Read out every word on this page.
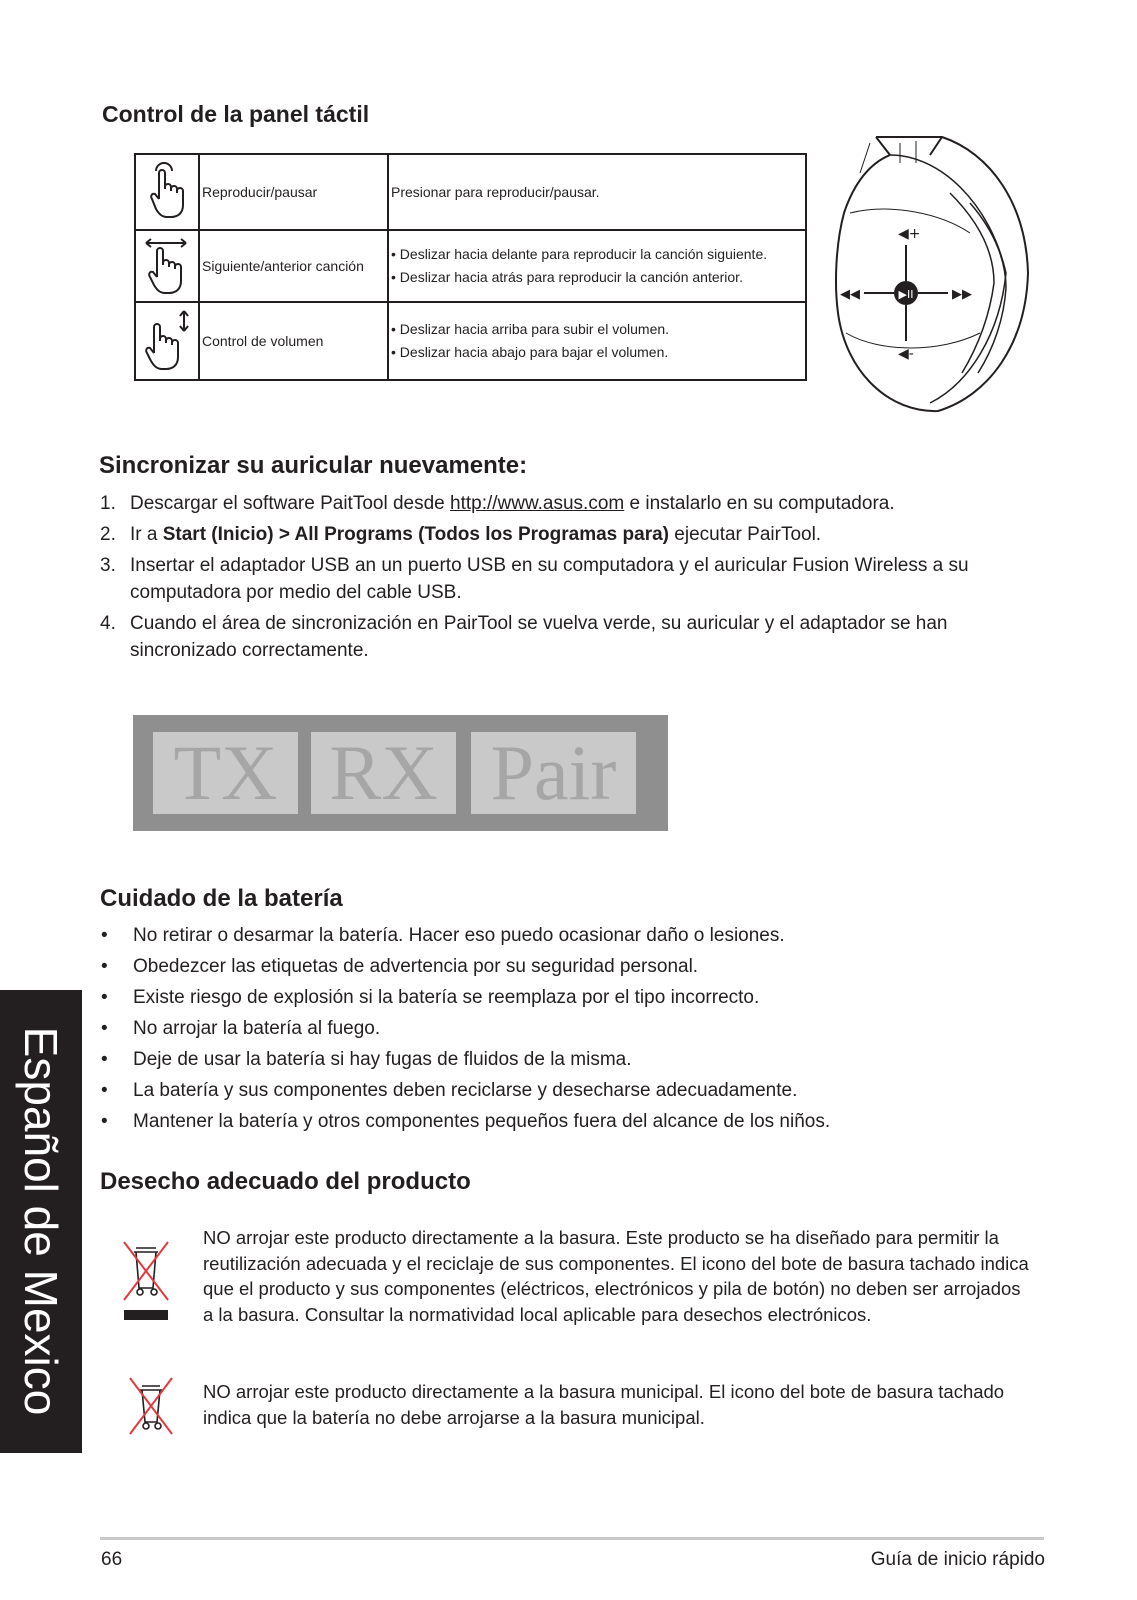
Control de la panel táctil
	Reproducir/pausar	Presionar para reproducir/pausar.

	Siguiente/anterior canción	• Deslizar hacia delante para reproducir la canción siguiente.
• Deslizar hacia atrás para reproducir la canción anterior.

	Control de volumen	• Deslizar hacia arriba para subir el volumen.
• Deslizar hacia abajo para bajar el volumen.
▶II
◀◀	▶▶
◀+
◀-
Sincronizar su auricular nuevamente:
1. Descargar el software PaitTool desde http://www.asus.com e instalarlo en su computadora.
2. Ir a Start (Inicio) > All Programs (Todos los Programas para) ejecutar PairTool.
3. Insertar el adaptador USB an un puerto USB en su computadora y el auricular Fusion Wireless a su computadora por medio del cable USB.
4. Cuando el área de sincronización en PairTool se vuelva verde, su auricular y el adaptador se han sincronizado correctamente.
TX RX Pair
Cuidado de la batería
• No retirar o desarmar la batería. Hacer eso puedo ocasionar daño o lesiones.
• Obedezcer las etiquetas de advertencia por su seguridad personal.
• Existe riesgo de explosión si la batería se reemplaza por el tipo incorrecto.
• No arrojar la batería al fuego.
• Deje de usar la batería si hay fugas de fluidos de la misma.
• La batería y sus componentes deben reciclarse y desecharse adecuadamente.
• Mantener la batería y otros componentes pequeños fuera del alcance de los niños.
Desecho adecuado del producto

NO arrojar este producto directamente a la basura. Este producto se ha diseñado para permitir la reutilización adecuada y el reciclaje de sus componentes. El icono del bote de basura tachado indica que el producto y sus componentes (eléctricos, electrónicos y pila de botón) no deben ser arrojados a la basura. Consultar la normatividad local aplicable para desechos electrónicos.

NO arrojar este producto directamente a la basura municipal. El icono del bote de basura tachado indica que la batería no debe arrojarse a la basura municipal.

Español de Mexico
66	Guía de inicio rápido
